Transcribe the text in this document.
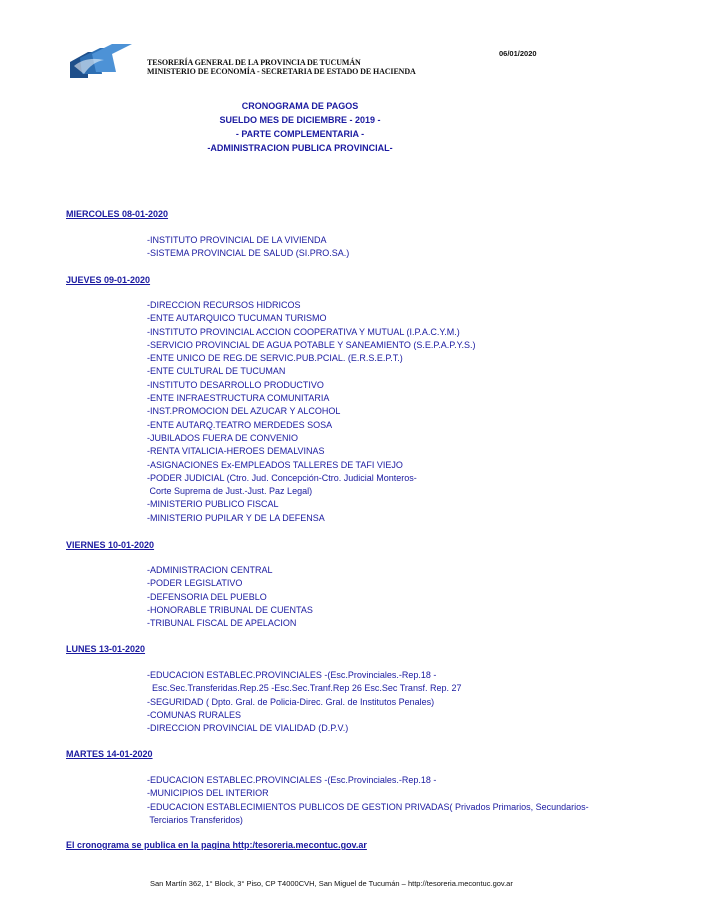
TESORERÍA GENERAL DE LA PROVINCIA DE TUCUMÁN
MINISTERIO DE ECONOMÍA - SECRETARIA DE ESTADO DE HACIENDA
06/01/2020
CRONOGRAMA DE PAGOS
SUELDO MES DE DICIEMBRE - 2019 -
- PARTE COMPLEMENTARIA -
-ADMINISTRACION PUBLICA PROVINCIAL-
MIERCOLES 08-01-2020
-INSTITUTO PROVINCIAL DE LA VIVIENDA
-SISTEMA PROVINCIAL DE SALUD (SI.PRO.SA.)
JUEVES 09-01-2020
-DIRECCION RECURSOS HIDRICOS
-ENTE AUTARQUICO TUCUMAN TURISMO
-INSTITUTO PROVINCIAL ACCION COOPERATIVA Y MUTUAL (I.P.A.C.Y.M.)
-SERVICIO PROVINCIAL DE AGUA POTABLE Y SANEAMIENTO (S.E.P.A.P.Y.S.)
-ENTE UNICO DE REG.DE SERVIC.PUB.PCIAL. (E.R.S.E.P.T.)
-ENTE CULTURAL DE TUCUMAN
-INSTITUTO DESARROLLO PRODUCTIVO
-ENTE INFRAESTRUCTURA COMUNITARIA
-INST.PROMOCION DEL AZUCAR Y ALCOHOL
-ENTE AUTARQ.TEATRO MERDEDES SOSA
-JUBILADOS FUERA DE CONVENIO
-RENTA VITALICIA-HEROES DEMALVINAS
-ASIGNACIONES Ex-EMPLEADOS TALLERES DE TAFI VIEJO
-PODER JUDICIAL (Ctro. Jud. Concepción-Ctro. Judicial Monteros-
Corte Suprema de Just.-Just. Paz Legal)
-MINISTERIO PUBLICO FISCAL
-MINISTERIO PUPILAR Y DE LA DEFENSA
VIERNES 10-01-2020
-ADMINISTRACION CENTRAL
-PODER LEGISLATIVO
-DEFENSORIA DEL PUEBLO
-HONORABLE TRIBUNAL DE CUENTAS
-TRIBUNAL FISCAL DE APELACION
LUNES 13-01-2020
-EDUCACION ESTABLEC.PROVINCIALES -(Esc.Provinciales.-Rep.18 -
Esc.Sec.Transferidas.Rep.25 -Esc.Sec.Tranf.Rep 26 Esc.Sec Transf. Rep. 27
-SEGURIDAD ( Dpto. Gral. de Policia-Direc. Gral. de Institutos Penales)
-COMUNAS RURALES
-DIRECCION PROVINCIAL DE VIALIDAD (D.P.V.)
MARTES 14-01-2020
-EDUCACION ESTABLEC.PROVINCIALES -(Esc.Provinciales.-Rep.18 -
-MUNICIPIOS DEL INTERIOR
-EDUCACION ESTABLECIMIENTOS PUBLICOS DE GESTION PRIVADAS( Privados Primarios, Secundarios-
Terciarios Transferidos)
El cronograma se publica en la pagina http:/tesoreria.mecontuc.gov.ar
San Martín 362, 1° Block, 3° Piso, CP T4000CVH, San Miguel de Tucumán – http://tesoreria.mecontuc.gov.ar
